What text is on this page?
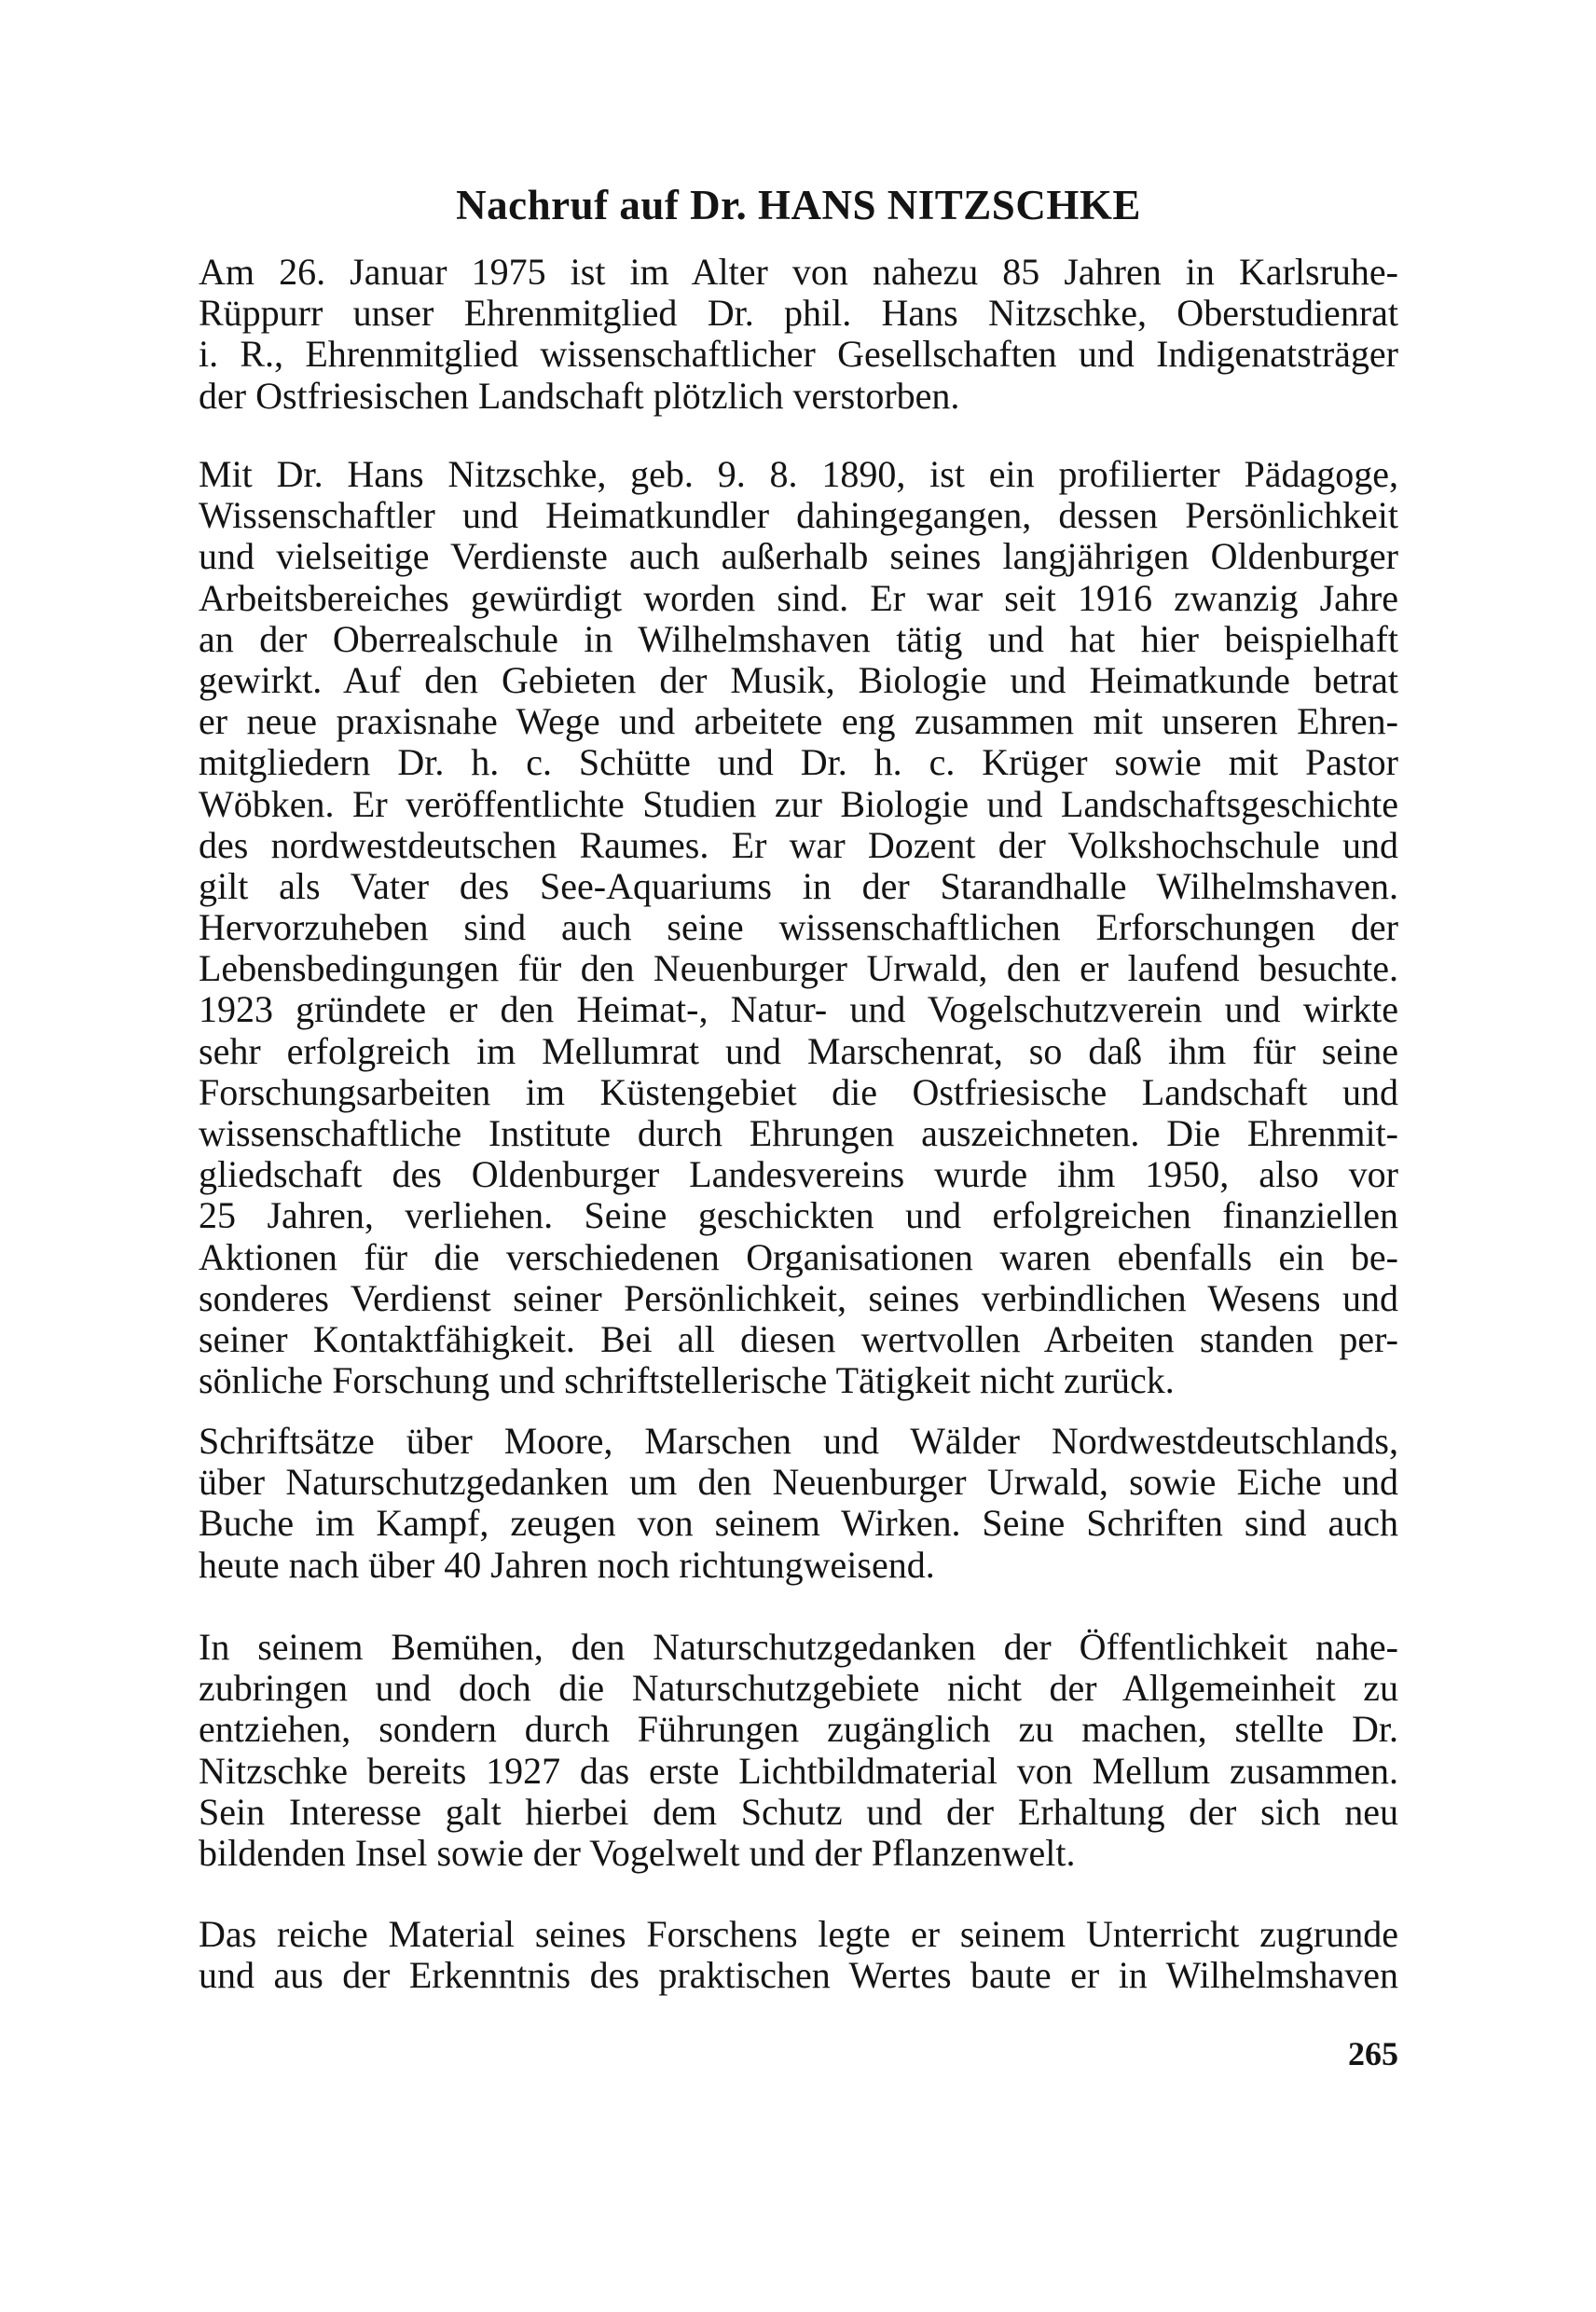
Nachruf auf Dr. HANS NITZSCHKE

Am 26. Januar 1975 ist im Alter von nahezu 85 Jahren in Karlsruhe-
Rüppurr unser Ehrenmitglied Dr. phil. Hans Nitzschke, Oberstudienrat
i. R., Ehrenmitglied wissenschaftlicher Gesellschaften und Indigenatsträger
der Ostfriesischen Landschaft plötzlich verstorben.

Mit Dr. Hans Nitzschke, geb. 9. 8. 1890, ist ein profilierter Pädagoge,
Wissenschaftler und Heimatkundler dahingegangen, dessen Persönlichkeit
und vielseitige Verdienste auch außerhalb seines langjährigen Oldenburger
Arbeitsbereiches gewürdigt worden sind. Er war seit 1916 zwanzig Jahre
an der Oberrealschule in Wilhelmshaven tätig und hat hier beispielhaft
gewirkt. Auf den Gebieten der Musik, Biologie und Heimatkunde betrat
er neue praxisnahe Wege und arbeitete eng zusammen mit unseren Ehren-
mitgliedern Dr. h. c. Schütte und Dr. h. c. Krüger sowie mit Pastor
Wöbken. Er veröffentlichte Studien zur Biologie und Landschaftsgeschichte
des nordwestdeutschen Raumes. Er war Dozent der Volkshochschule und
gilt als Vater des See-Aquariums in der Starandhalle Wilhelmshaven.
Hervorzuheben sind auch seine wissenschaftlichen Erforschungen der
Lebensbedingungen für den Neuenburger Urwald, den er laufend besuchte.
1923 gründete er den Heimat-, Natur- und Vogelschutzverein und wirkte
sehr erfolgreich im Mellumrat und Marschenrat, so daß ihm für seine
Forschungsarbeiten im Küstengebiet die Ostfriesische Landschaft und
wissenschaftliche Institute durch Ehrungen auszeichneten. Die Ehrenmit-
gliedschaft des Oldenburger Landesvereins wurde ihm 1950, also vor
25 Jahren, verliehen. Seine geschickten und erfolgreichen finanziellen
Aktionen für die verschiedenen Organisationen waren ebenfalls ein be-
sonderes Verdienst seiner Persönlichkeit, seines verbindlichen Wesens und
seiner Kontaktfähigkeit. Bei all diesen wertvollen Arbeiten standen per-
sönliche Forschung und schriftstellerische Tätigkeit nicht zurück.

Schriftsätze über Moore, Marschen und Wälder Nordwestdeutschlands,
über Naturschutzgedanken um den Neuenburger Urwald, sowie Eiche und
Buche im Kampf, zeugen von seinem Wirken. Seine Schriften sind auch
heute nach über 40 Jahren noch richtungweisend.

In seinem Bemühen, den Naturschutzgedanken der Öffentlichkeit nahe-
zubringen und doch die Naturschutzgebiete nicht der Allgemeinheit zu
entziehen, sondern durch Führungen zugänglich zu machen, stellte Dr.
Nitzschke bereits 1927 das erste Lichtbildmaterial von Mellum zusammen.
Sein Interesse galt hierbei dem Schutz und der Erhaltung der sich neu
bildenden Insel sowie der Vogelwelt und der Pflanzenwelt.

Das reiche Material seines Forschens legte er seinem Unterricht zugrunde
und aus der Erkenntnis des praktischen Wertes baute er in Wilhelmshaven

265
